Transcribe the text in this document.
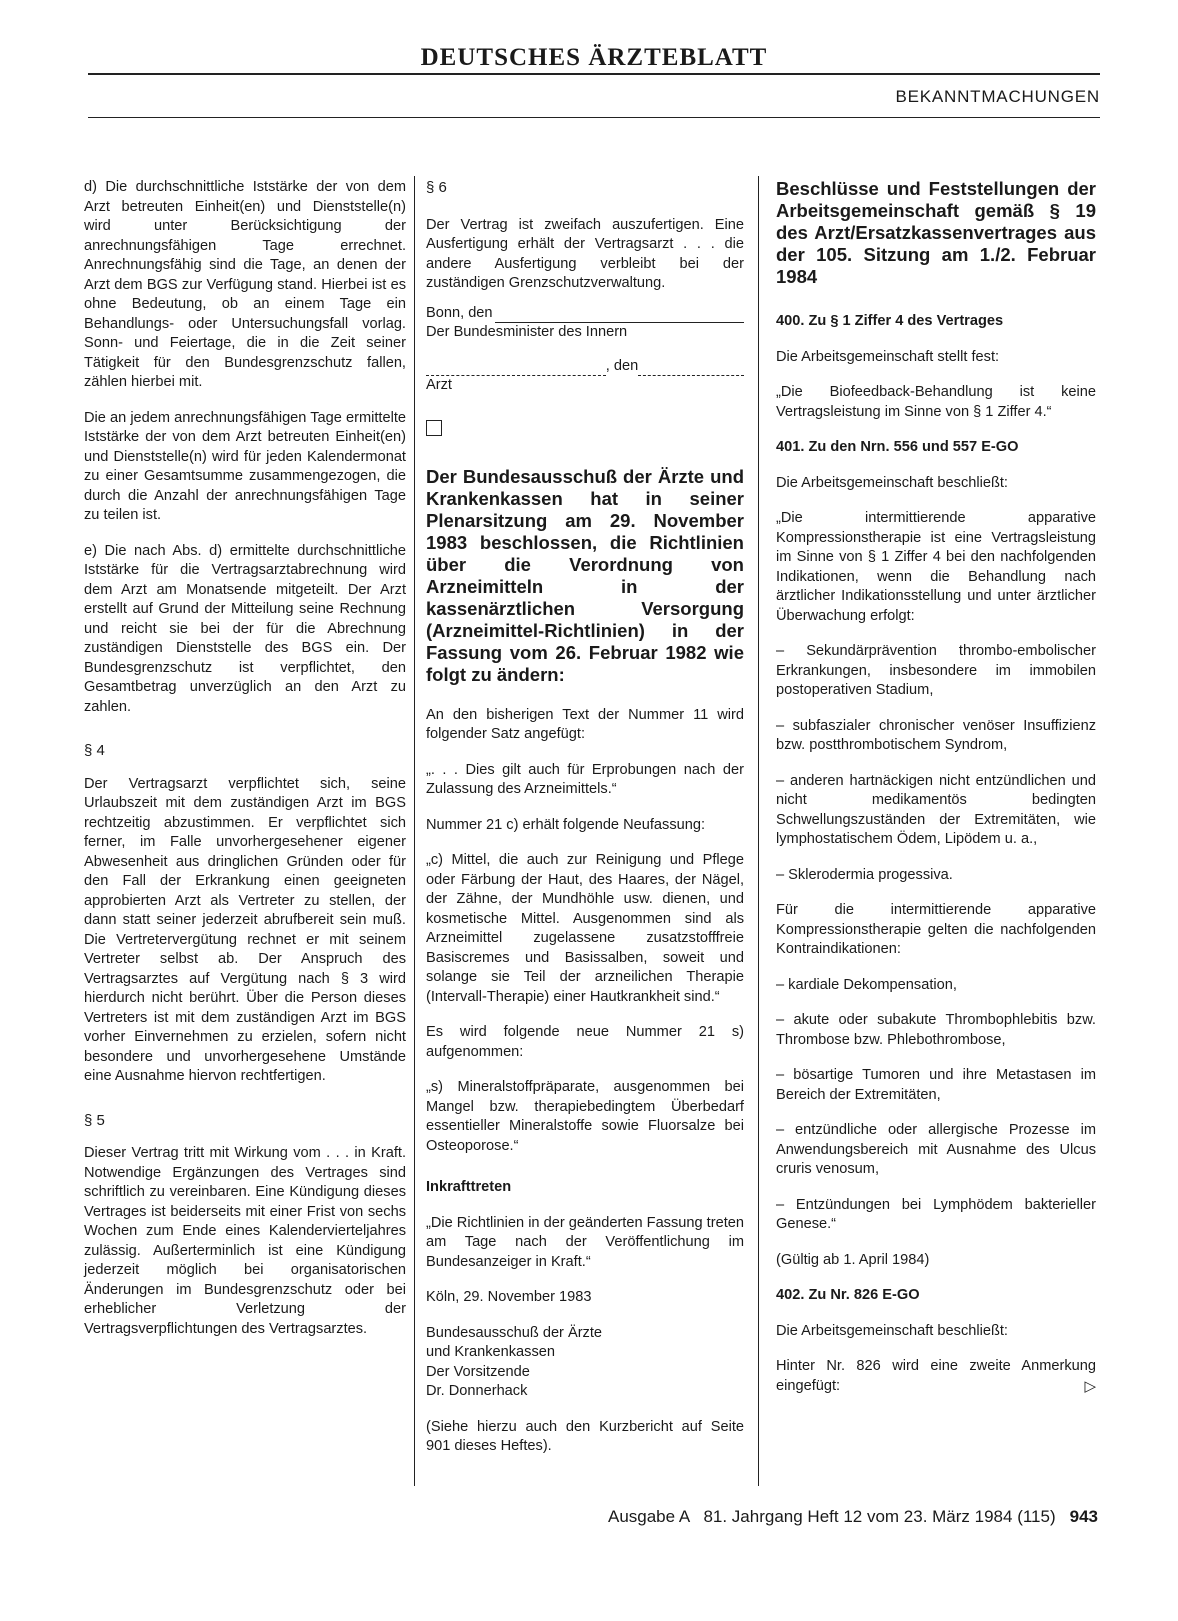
DEUTSCHES ÄRZTEBLATT
BEKANNTMACHUNGEN

d) Die durchschnittliche Iststärke der von dem Arzt betreuten Einheit(en) und Dienststelle(n) wird unter Berücksichtigung der anrechnungsfähigen Tage errechnet. Anrechnungsfähig sind die Tage, an denen der Arzt dem BGS zur Verfügung stand. Hierbei ist es ohne Bedeutung, ob an einem Tage ein Behandlungs- oder Untersuchungsfall vorlag. Sonn- und Feiertage, die in die Zeit seiner Tätigkeit für den Bundesgrenzschutz fallen, zählen hierbei mit.

Die an jedem anrechnungsfähigen Tage ermittelte Iststärke der von dem Arzt betreuten Einheit(en) und Dienststelle(n) wird für jeden Kalendermonat zu einer Gesamtsumme zusammengezogen, die durch die Anzahl der anrechnungsfähigen Tage zu teilen ist.

e) Die nach Abs. d) ermittelte durchschnittliche Iststärke für die Vertragsarztabrechnung wird dem Arzt am Monatsende mitgeteilt. Der Arzt erstellt auf Grund der Mitteilung seine Rechnung und reicht sie bei der für die Abrechnung zuständigen Dienststelle des BGS ein. Der Bundesgrenzschutz ist verpflichtet, den Gesamtbetrag unverzüglich an den Arzt zu zahlen.

§ 4

Der Vertragsarzt verpflichtet sich, seine Urlaubszeit mit dem zuständigen Arzt im BGS rechtzeitig abzustimmen. Er verpflichtet sich ferner, im Falle unvorhergesehener eigener Abwesenheit aus dringlichen Gründen oder für den Fall der Erkrankung einen geeigneten approbierten Arzt als Vertreter zu stellen, der dann statt seiner jederzeit abrufbereit sein muß. Die Vertretervergütung rechnet er mit seinem Vertreter selbst ab. Der Anspruch des Vertragsarztes auf Vergütung nach § 3 wird hierdurch nicht berührt. Über die Person dieses Vertreters ist mit dem zuständigen Arzt im BGS vorher Einvernehmen zu erzielen, sofern nicht besondere und unvorhergesehene Umstände eine Ausnahme hiervon rechtfertigen.

§ 5

Dieser Vertrag tritt mit Wirkung vom . . . in Kraft. Notwendige Ergänzungen des Vertrages sind schriftlich zu vereinbaren. Eine Kündigung dieses Vertrages ist beiderseits mit einer Frist von sechs Wochen zum Ende eines Kalendervierteljahres zulässig. Außerterminlich ist eine Kündigung jederzeit möglich bei organisatorischen Änderungen im Bundesgrenzschutz oder bei erheblicher Verletzung der Vertragsverpflichtungen des Vertragsarztes.

§ 6

Der Vertrag ist zweifach auszufertigen. Eine Ausfertigung erhält der Vertragsarzt . . . die andere Ausfertigung verbleibt bei der zuständigen Grenzschutzverwaltung.

Bonn, den
Der Bundesminister des Innern
, den
Arzt
Der Bundesausschuß der Ärzte und Krankenkassen hat in seiner Plenarsitzung am 29. November 1983 beschlossen, die Richtlinien über die Verordnung von Arzneimitteln in der kassenärztlichen Versorgung (Arzneimittel-Richtlinien) in der Fassung vom 26. Februar 1982 wie folgt zu ändern:

An den bisherigen Text der Nummer 11 wird folgender Satz angefügt:

„. . . Dies gilt auch für Erprobungen nach der Zulassung des Arzneimittels.“

Nummer 21 c) erhält folgende Neufassung:

„c) Mittel, die auch zur Reinigung und Pflege oder Färbung der Haut, des Haares, der Nägel, der Zähne, der Mundhöhle usw. dienen, und kosmetische Mittel. Ausgenommen sind als Arzneimittel zugelassene zusatzstofffreie Basiscremes und Basissalben, soweit und solange sie Teil der arzneilichen Therapie (Intervall-Therapie) einer Hautkrankheit sind.“

Es wird folgende neue Nummer 21 s) aufgenommen:

„s) Mineralstoffpräparate, ausgenommen bei Mangel bzw. therapiebedingtem Überbedarf essentieller Mineralstoffe sowie Fluorsalze bei Osteoporose.“

Inkrafttreten

„Die Richtlinien in der geänderten Fassung treten am Tage nach der Veröffentlichung im Bundesanzeiger in Kraft.“

Köln, 29. November 1983

Bundesausschuß der Ärzte

und Krankenkassen

Der Vorsitzende

Dr. Donnerhack

(Siehe hierzu auch den Kurzbericht auf Seite 901 dieses Heftes).

Beschlüsse und Feststellungen der Arbeitsgemeinschaft gemäß § 19 des Arzt/Ersatzkassenvertrages aus der 105. Sitzung am 1./2. Februar 1984
400. Zu § 1 Ziffer 4 des Vertrages

Die Arbeitsgemeinschaft stellt fest:

„Die Biofeedback-Behandlung ist keine Vertragsleistung im Sinne von § 1 Ziffer 4.“

401. Zu den Nrn. 556 und 557 E-GO

Die Arbeitsgemeinschaft beschließt:

„Die intermittierende apparative Kompressionstherapie ist eine Vertragsleistung im Sinne von § 1 Ziffer 4 bei den nachfolgenden Indikationen, wenn die Behandlung nach ärztlicher Indikationsstellung und unter ärztlicher Überwachung erfolgt:

– Sekundärprävention thrombo-embolischer Erkrankungen, insbesondere im immobilen postoperativen Stadium,

– subfaszialer chronischer venöser Insuffizienz bzw. postthrombotischem Syndrom,

– anderen hartnäckigen nicht entzündlichen und nicht medikamentös bedingten Schwellungszuständen der Extremitäten, wie lymphostatischem Ödem, Lipödem u. a.,

– Sklerodermia progessiva.

Für die intermittierende apparative Kompressionstherapie gelten die nachfolgenden Kontraindikationen:

– kardiale Dekompensation,

– akute oder subakute Thrombophlebitis bzw. Thrombose bzw. Phlebothrombose,

– bösartige Tumoren und ihre Metastasen im Bereich der Extremitäten,

– entzündliche oder allergische Prozesse im Anwendungsbereich mit Ausnahme des Ulcus cruris venosum,

– Entzündungen bei Lymphödem bakterieller Genese.“

(Gültig ab 1. April 1984)

402. Zu Nr. 826 E-GO

Die Arbeitsgemeinschaft beschließt:

Hinter Nr. 826 wird eine zweite Anmerkung eingefügt:	▷

Ausgabe A   81. Jahrgang Heft 12 vom 23. März 1984 (115) 943
